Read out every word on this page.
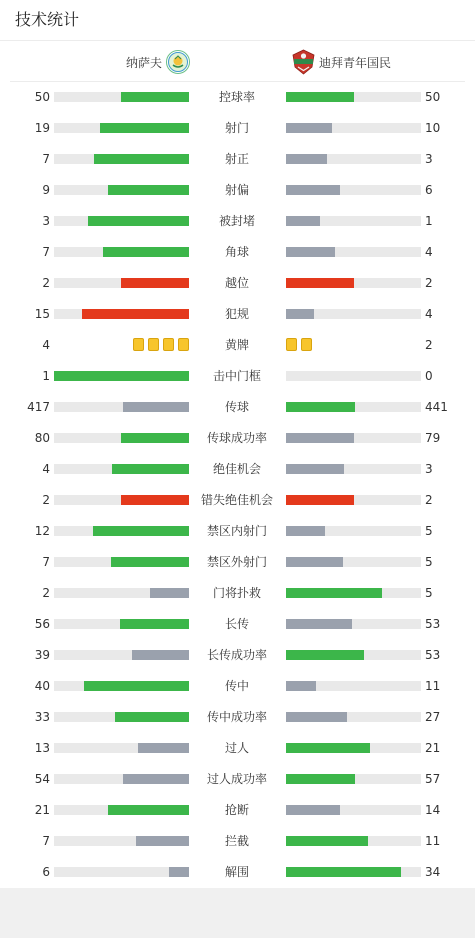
技术统计
纳萨夫	迪拜青年国民
50	控球率	50
19	射门	10
7	射正	3
9	射偏	6
3	被封堵	1
7	角球	4
2	越位	2
15	犯规	4
4	黄牌	2
1	击中门框	0
417	传球	441
80	传球成功率	79
4	绝佳机会	3
2	错失绝佳机会	2
12	禁区内射门	5
7	禁区外射门	5
2	门将扑救	5
56	长传	53
39	长传成功率	53
40	传中	11
33	传中成功率	27
13	过人	21
54	过人成功率	57
21	抢断	14
7	拦截	11
6	解围	34
